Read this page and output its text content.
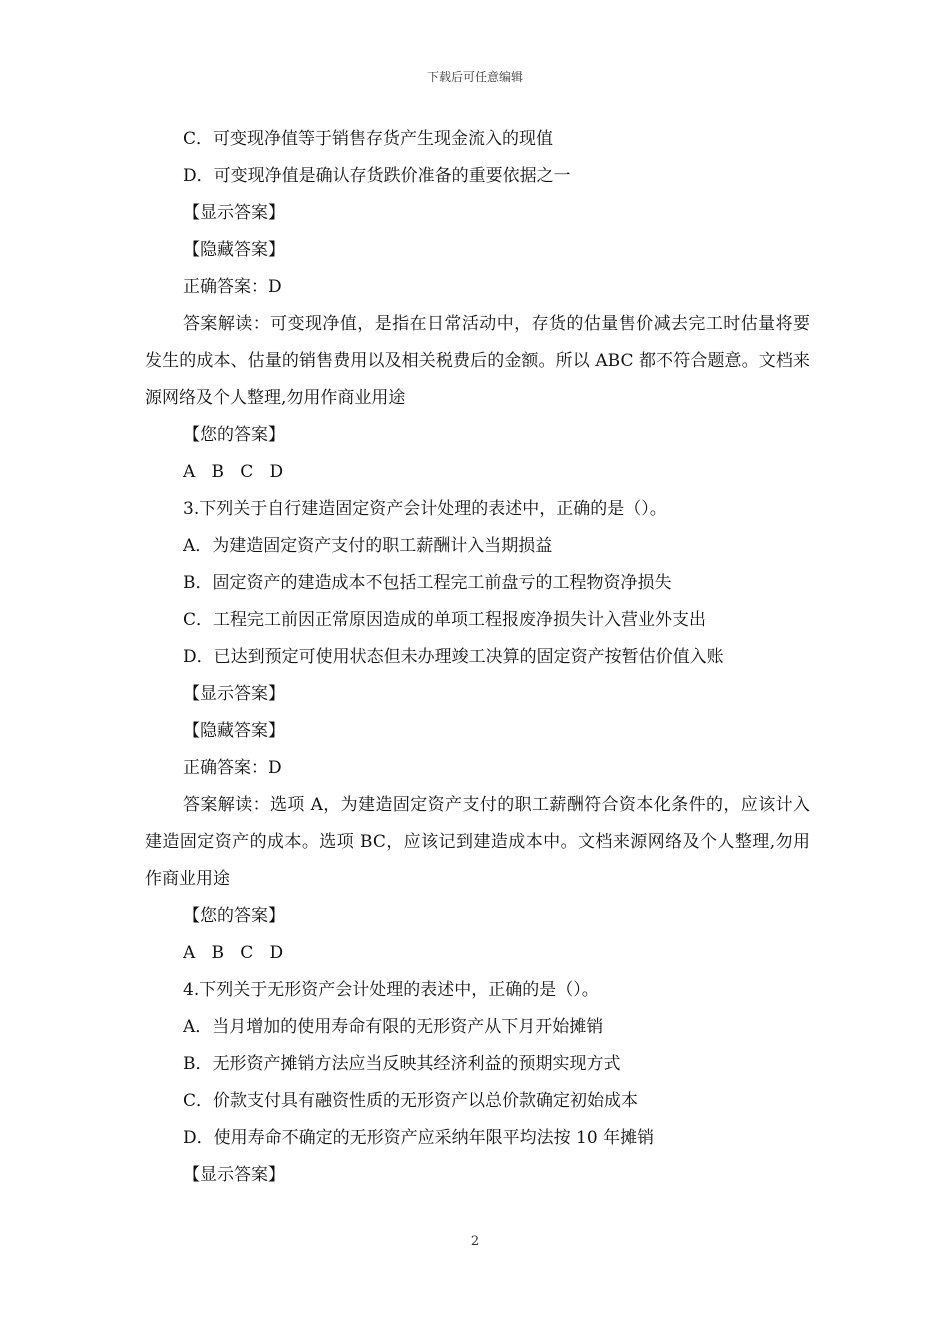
下载后可任意编辑
C．可变现净值等于销售存货产生现金流入的现值
D．可变现净值是确认存货跌价准备的重要依据之一
【显示答案】
【隐藏答案】
正确答案：D
答案解读：可变现净值，是指在日常活动中，存货的估量售价减去完工时估量将要发生的成本、估量的销售费用以及相关税费后的金额。所以 ABC 都不符合题意。文档来源网络及个人整理,勿用作商业用途
【您的答案】
A B C D
3.下列关于自行建造固定资产会计处理的表述中，正确的是（）。
A．为建造固定资产支付的职工薪酬计入当期损益
B．固定资产的建造成本不包括工程完工前盘亏的工程物资净损失
C．工程完工前因正常原因造成的单项工程报废净损失计入营业外支出
D．已达到预定可使用状态但未办理竣工决算的固定资产按暂估价值入账
【显示答案】
【隐藏答案】
正确答案：D
答案解读：选项 A，为建造固定资产支付的职工薪酬符合资本化条件的，应该计入建造固定资产的成本。选项 BC，应该记到建造成本中。文档来源网络及个人整理,勿用作商业用途
【您的答案】
A B C D
4.下列关于无形资产会计处理的表述中，正确的是（）。
A．当月增加的使用寿命有限的无形资产从下月开始摊销
B．无形资产摊销方法应当反映其经济利益的预期实现方式
C．价款支付具有融资性质的无形资产以总价款确定初始成本
D．使用寿命不确定的无形资产应采纳年限平均法按 10 年摊销
【显示答案】
2
